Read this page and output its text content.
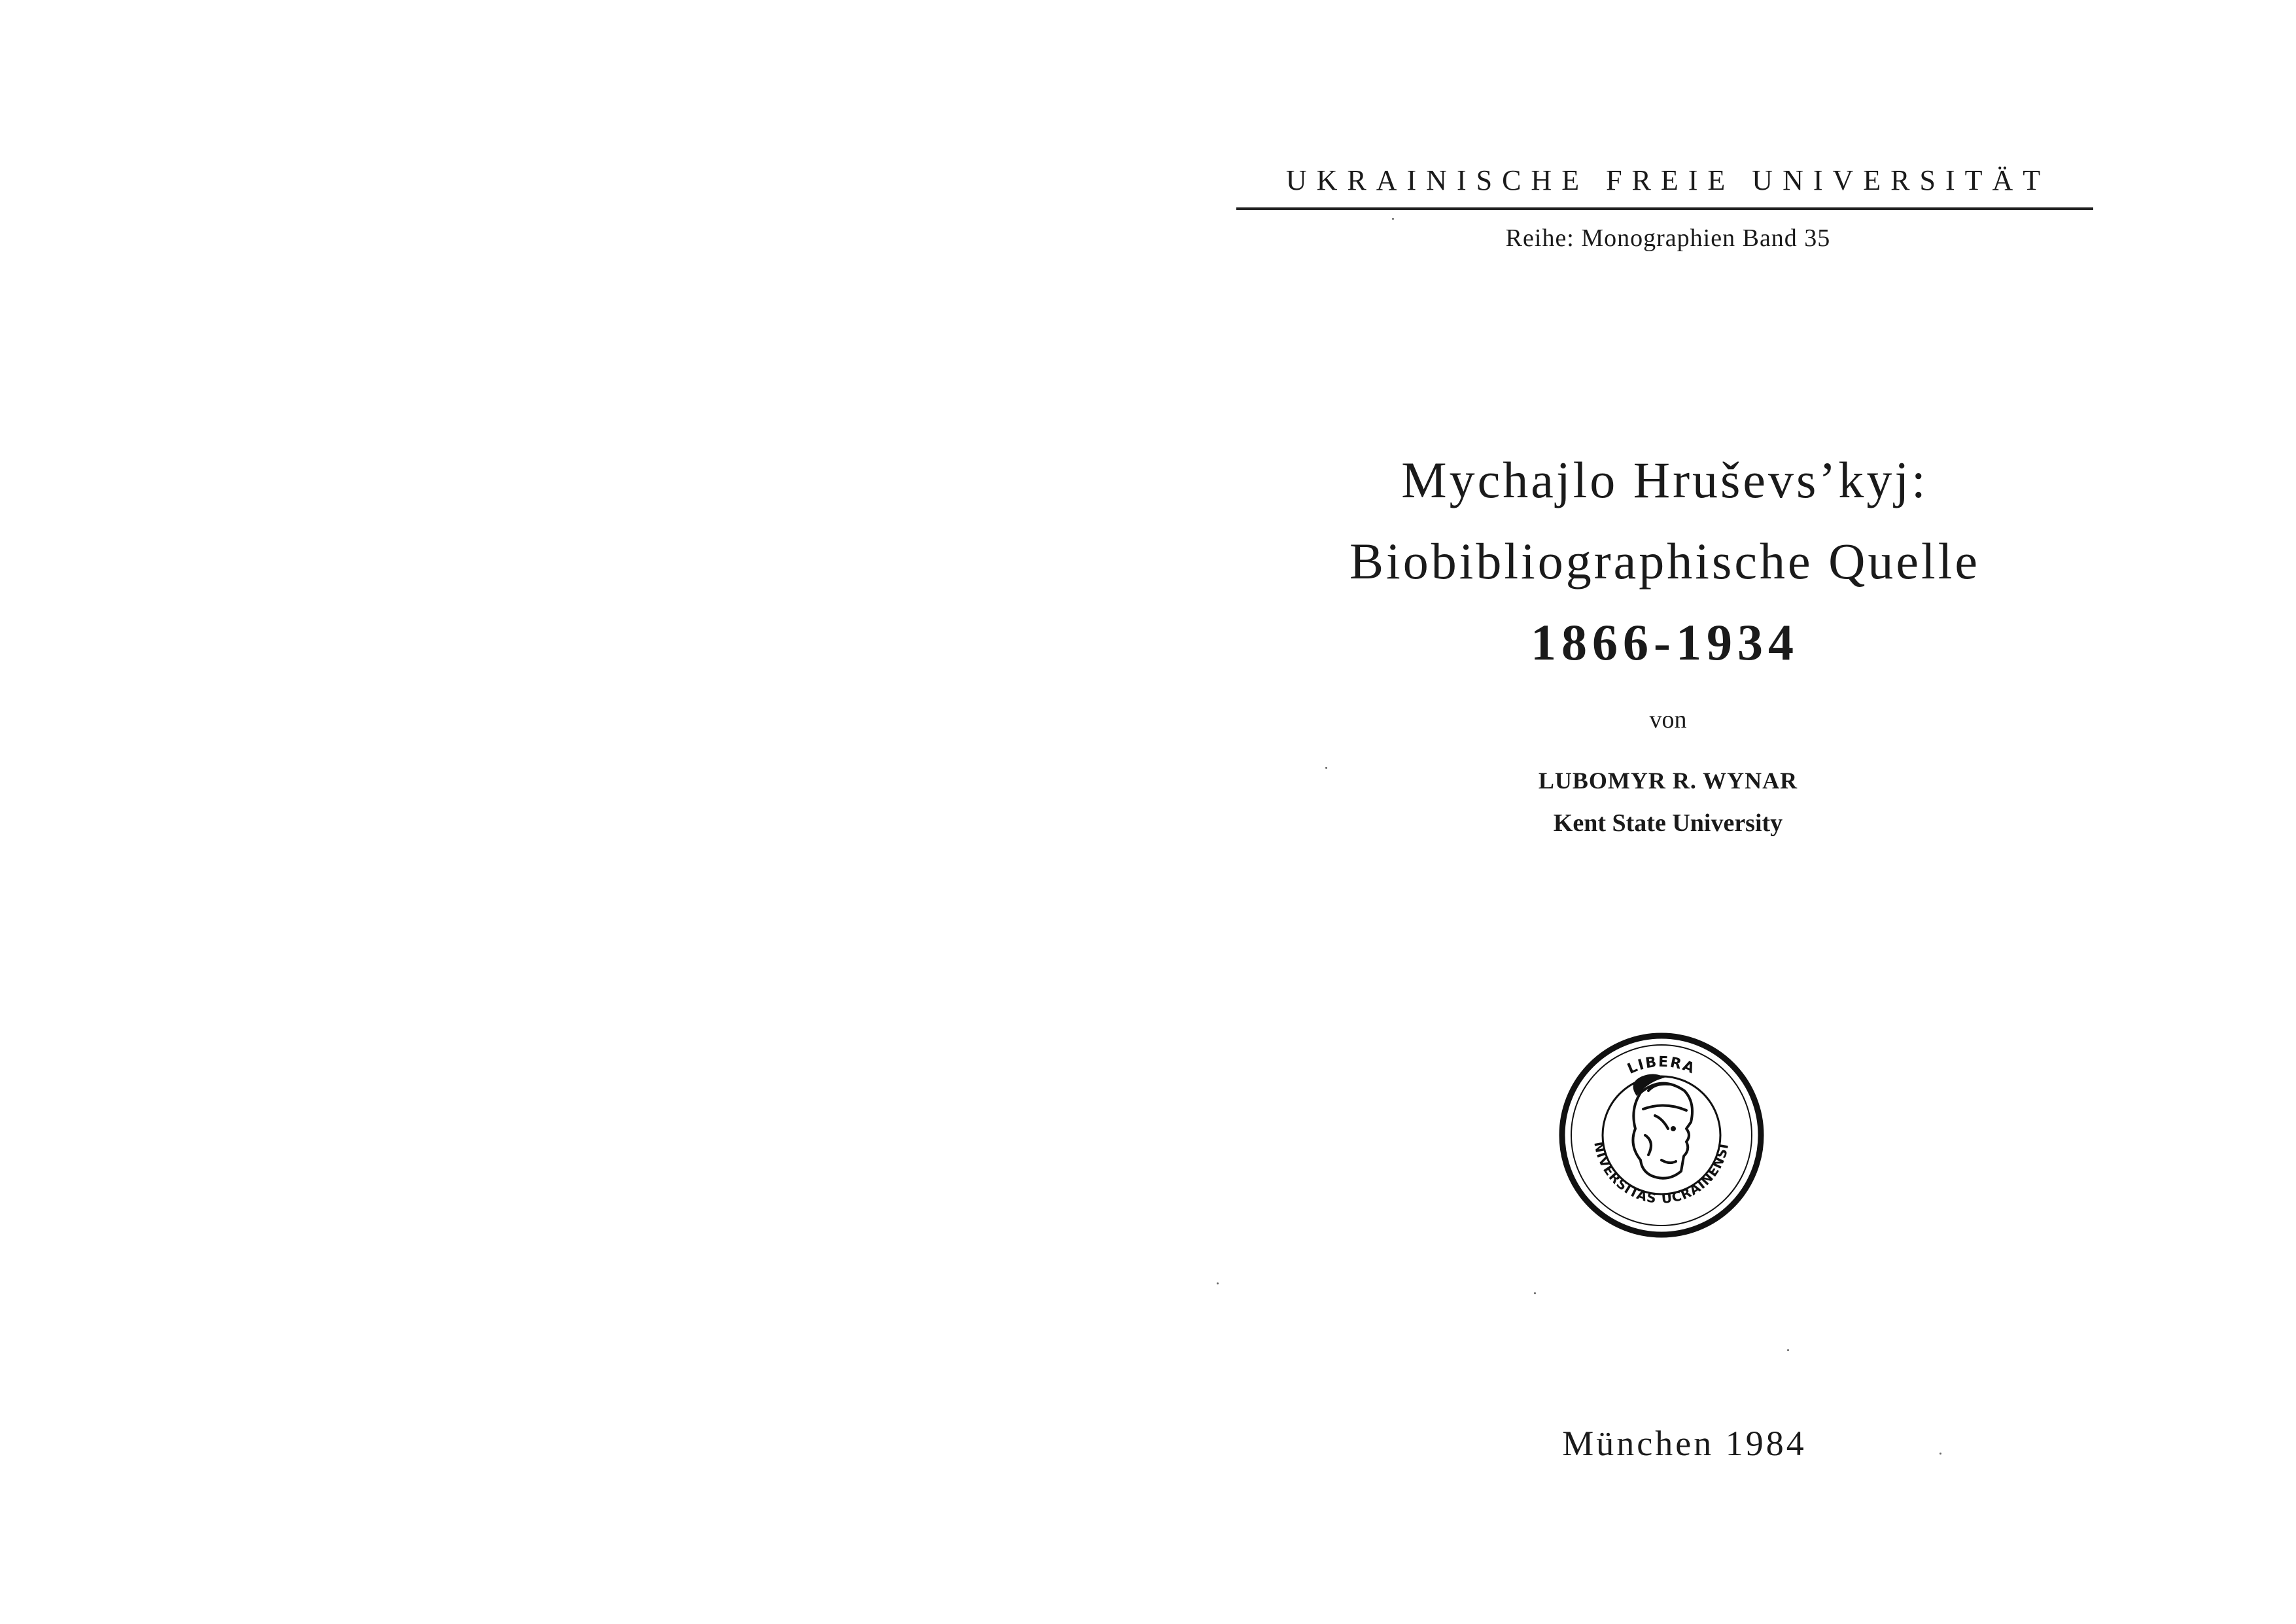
UKRAINISCHE FREIE UNIVERSITÄT
Reihe: Monographien Band 35
Mychajlo Hruševs’kyj:
Biobibliographische Quelle
1866-1934
von
LUBOMYR R. WYNAR
Kent State University
LIBERA
NIVERSITAS UCRAINENSI
München 1984
